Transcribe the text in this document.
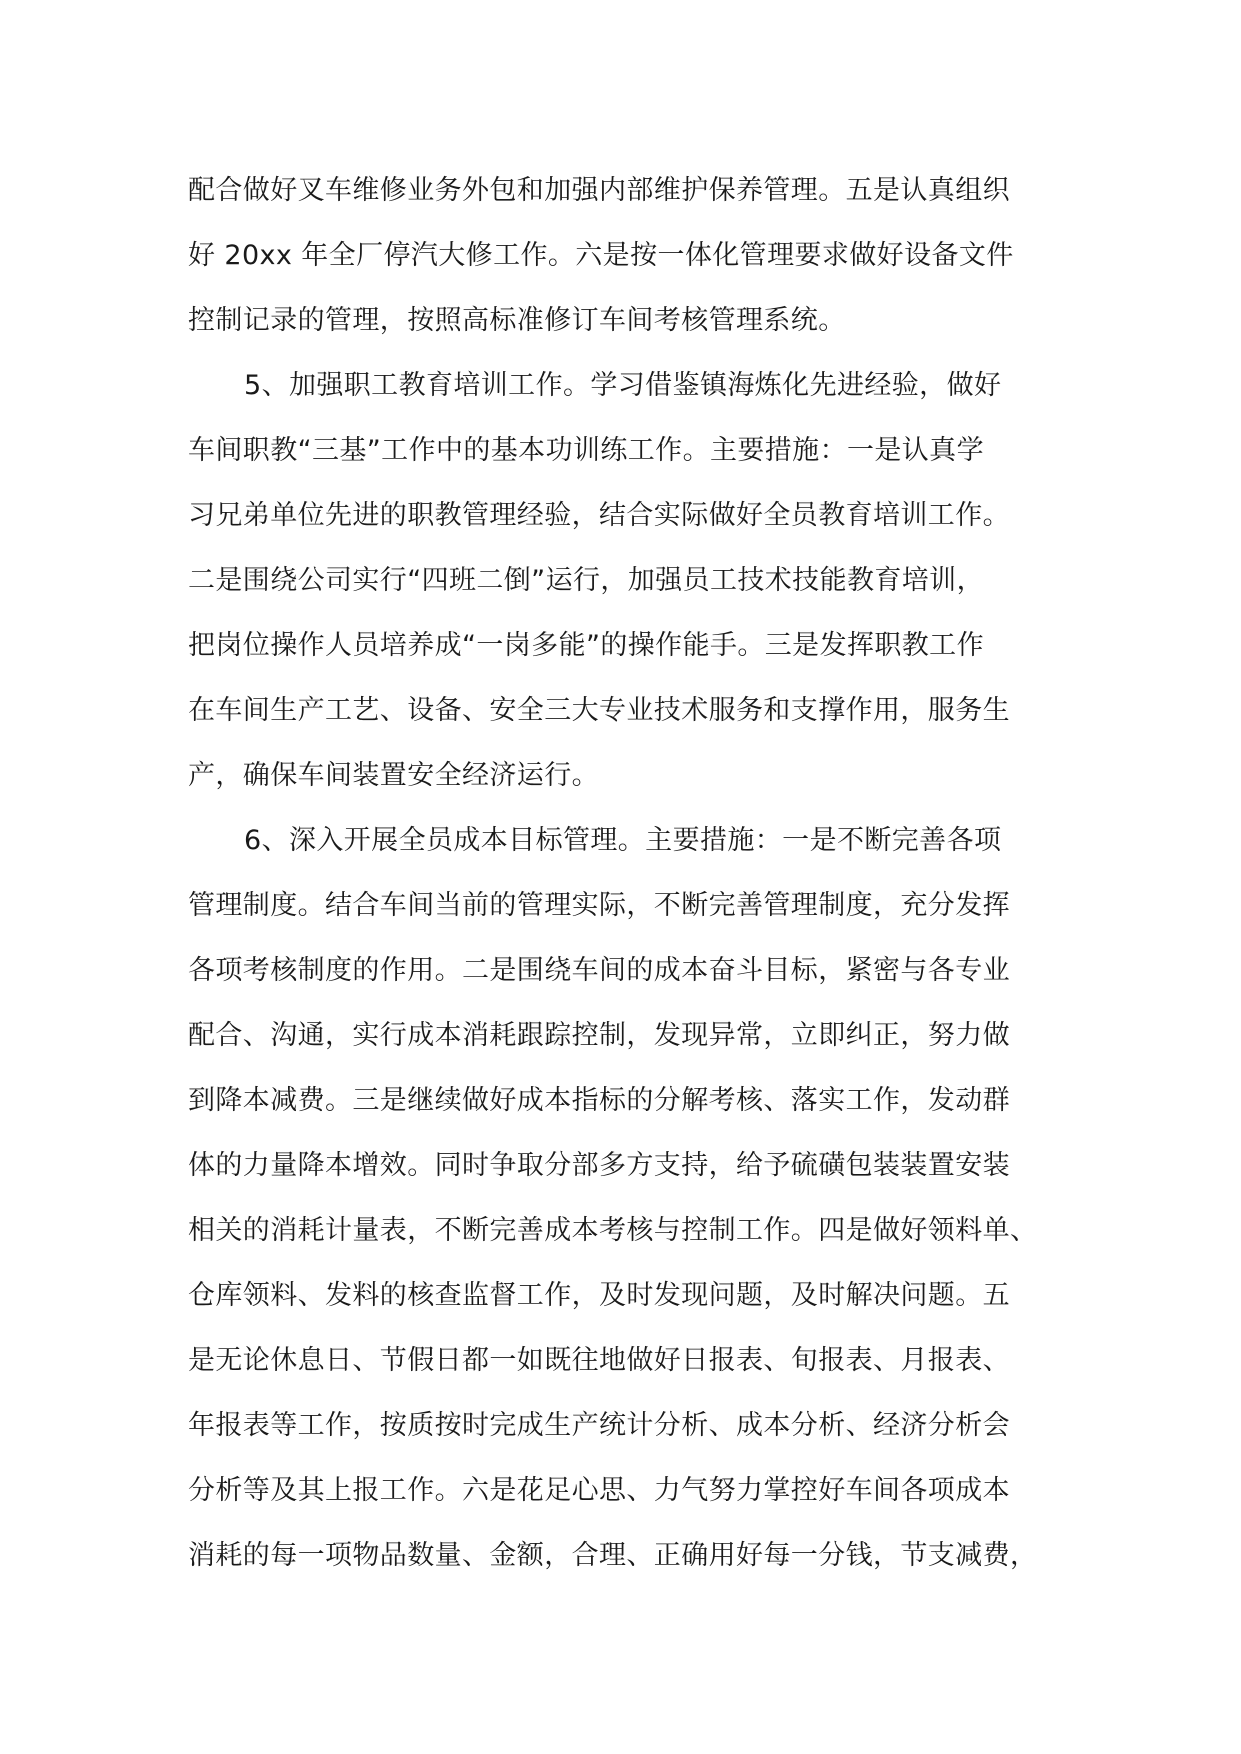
配合做好叉车维修业务外包和加强内部维护保养管理。五是认真组织
好 20xx 年全厂停汽大修工作。六是按一体化管理要求做好设备文件
控制记录的管理，按照高标准修订车间考核管理系统。
5、加强职工教育培训工作。学习借鉴镇海炼化先进经验，做好
车间职教“三基”工作中的基本功训练工作。主要措施：一是认真学
习兄弟单位先进的职教管理经验，结合实际做好全员教育培训工作。
二是围绕公司实行“四班二倒”运行，加强员工技术技能教育培训，
把岗位操作人员培养成“一岗多能”的操作能手。三是发挥职教工作
在车间生产工艺、设备、安全三大专业技术服务和支撑作用，服务生
产，确保车间装置安全经济运行。
6、深入开展全员成本目标管理。主要措施：一是不断完善各项
管理制度。结合车间当前的管理实际，不断完善管理制度，充分发挥
各项考核制度的作用。二是围绕车间的成本奋斗目标，紧密与各专业
配合、沟通，实行成本消耗跟踪控制，发现异常，立即纠正，努力做
到降本减费。三是继续做好成本指标的分解考核、落实工作，发动群
体的力量降本增效。同时争取分部多方支持，给予硫磺包装装置安装
相关的消耗计量表，不断完善成本考核与控制工作。四是做好领料单、
仓库领料、发料的核查监督工作，及时发现问题，及时解决问题。五
是无论休息日、节假日都一如既往地做好日报表、旬报表、月报表、
年报表等工作，按质按时完成生产统计分析、成本分析、经济分析会
分析等及其上报工作。六是花足心思、力气努力掌控好车间各项成本
消耗的每一项物品数量、金额，合理、正确用好每一分钱，节支减费，
